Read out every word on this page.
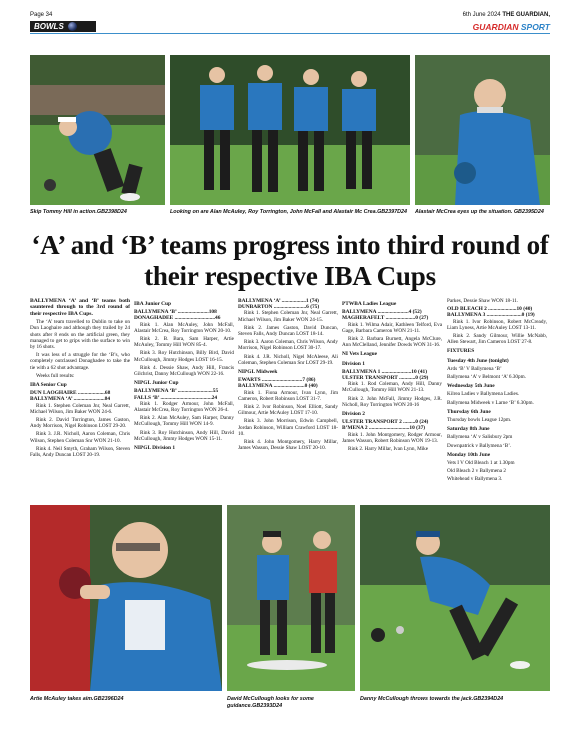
Page 34	6th June 2024 THE GUARDIAN,
BOWLS	GUARDIAN SPORT
Skip Tommy Hill in action.GB2398D24	Looking on are Alan McAuley, Roy Torrington, John McFall and Alastair Mc Crea.GB2397D24	Alastair McCrea eyes up the situation. GB2395D24
‘A’ and ‘B’ teams progress into third round of their respective IBA Cups

BALLYMENA ‘A’ and ‘B’ teams both sauntered through to the 3rd round of their respective IBA Cups.

The ‘A’ team travelled to Dublin to take on Dun Laoghaire and although they trailed by 24 shots after 8 ends on the artificial green, they managed to get to grips with the surface to win by 16 shots.

It was less of a struggle for the ‘B’s, who completely outclassed Donaghadee to take the tie with a 62 shot advantage.

Weeks full results:

IBA Senior Cup
DUN LAOGHAIRE ....................68
BALLYMENA ‘A’ .......................84

Rink 1. Stephen Coleman Jnr, Neal Garrett, Michael Wilson, Jim Baker WON 24-6.

Rink 2. David Torrington, James Gaston, Andy Morrison, Nigel Robinson LOST 29-20.

Rink 3. J.R. Nicholl, Aaron Coleman, Chris Wilson, Stephen Coleman Snr WON 21-10.

Rink 4. Neil Smyth, Graham Wilson, Steven Falls, Andy Duncan LOST 20-19.

IBA Junior Cup
BALLYMENA ‘B’ .......................108
DONAGHADEE ..............................46

Rink 1. Alan McAuley, John McFall, Alastair McCrea, Roy Torrington WON 20-10.

Rink 2. B. Bara, Sam Harper, Artie McAuley, Tommy Hill WON 85-4.

Rink 3. Roy Hutchinson, Billy Bird, David McCullough, Jimmy Hodges LOST 16-15.

Rink 4. Dessie Shaw, Andy Hill, Francis Gilchrist, Danny McCullough WON 22-16.

NIPGL Junior Cup
BALLYMENA ‘B’ ..........................55
FALLS ‘B’ ......................................24

Rink 1. Rodger Armour, John McFall, Alastair McCrea, Roy Torrington WON 26-4.

Rink 2. Alan McAuley, Sam Harper, Danny McCullough, Tommy Hill WON 14-9.

Rink 3. Roy Hutchinson, Andy Hill, David McCullough, Jimmy Hodges WON 15-11.

NIPGL Division 1
BALLYMENA ‘A’ ..................1 (74)
DUNBARTON ........................6 (75)

Rink 1. Stephen Coleman Jnr, Neal Garrett, Michael Wilson, Jim Baker WON 24-15.

Rink 2. James Gaston, David Duncan, Steven Falls, Andy Duncan LOST 18-14.

Rink 3. Aaron Coleman, Chris Wilson, Andy Morrison, Nigel Robinson LOST 30-17.

Rink 4. J.R. Nicholl, Nigel McAleese, Ali Coleman, Stephen Coleman Snr LOST 29-19.

NIPGL Midweek
EWARTS ..............................7 (86)
BALLYMENA .......................0 (40)

Rink 1. Fiona Armour, Ivan Lynn, Jim Cameron, Robert Robinson LOST 31-7.

Rink 2. Ivor Robinson, Noel Elliott, Sandy Gilmour, Artie McAuley LOST 17-10.

Rink 3. John Morrison, Edwin Campbell, Jordan Robinson, William Crawford LOST 18-10.

Rink 4. John Montgomery, Harry Millar, James Wasson, Dessie Shaw LOST 20-10.

PTWBA Ladies League
BALLYMENA .......................4 (52)
MAGHERAFELT ......................0 (27)

Rink 1. Wilma Adair, Kathleen Telford, Eva Gage, Barbara Cameron WON 21-11.

Rink 2. Barbara Burnett, Angela McClure, Ann McClelland, Jennifer Dowds WON 31-16.

NI Vets League
Division 1
BALLYMENA 1 ......................10 (41)
ULSTER TRANSPORT ............0 (29)

Rink 1. Rod Coleman, Andy Hill, Danny McCullough, Tommy Hill WON 21-13.

Rink 2. John McFall, Jimmy Hodges, J.R. Nicholl, Roy Torrington WON 20-16

Division 2
ULSTER TRANSPORT 2 .........0 (24)
B’MENA 2 ..............................10 (37)

Rink 1. John Montgomery, Rodger Armour, James Wasson, Robert Robinson WON 19-13.

Rink 2. Harry Millar, Ivan Lynn, Mike

Parkes, Dessie Shaw WON 18-11.

OLD BLEACH 2 .....................10 (40)
BALLYMENA 3 ..........................0 (19)

Rink 1. Ivor Robinson, Robert McCready, Liam Lyness, Artie McAuley LOST 13-11.

Rink 2. Sandy Gilmour, Willie McNabb, Allen Stewart, Jim Cameron LOST 27-8.

FIXTURES
Tuesday 4th June (tonight)

Ards ‘B’ V Ballymena ‘B’

Ballymena ‘A’ v Belmont ‘A’ 6.30pm.

Wednesday 5th June

Kilrea Ladies v Ballymena Ladies.

Ballymena Midweek v Larne ‘B’ 6.30pm.

Thursday 6th June

Thursday bowls League 12pm.

Saturday 8th June

Ballymena ‘A’ v Salisbury 2pm

Downpatrick v Ballymena ‘B’.

Monday 10th June

Vets I V Old Bleach 1 at 1.30pm

Old Bleach 2 v Ballymena 2

Whitehead v Ballymena 3.

Artie McAuley takes aim.GB2396D24	David McCullough looks for some guidance.GB2393D24
Danny McCullough throws towards the jack.GB2394D24
